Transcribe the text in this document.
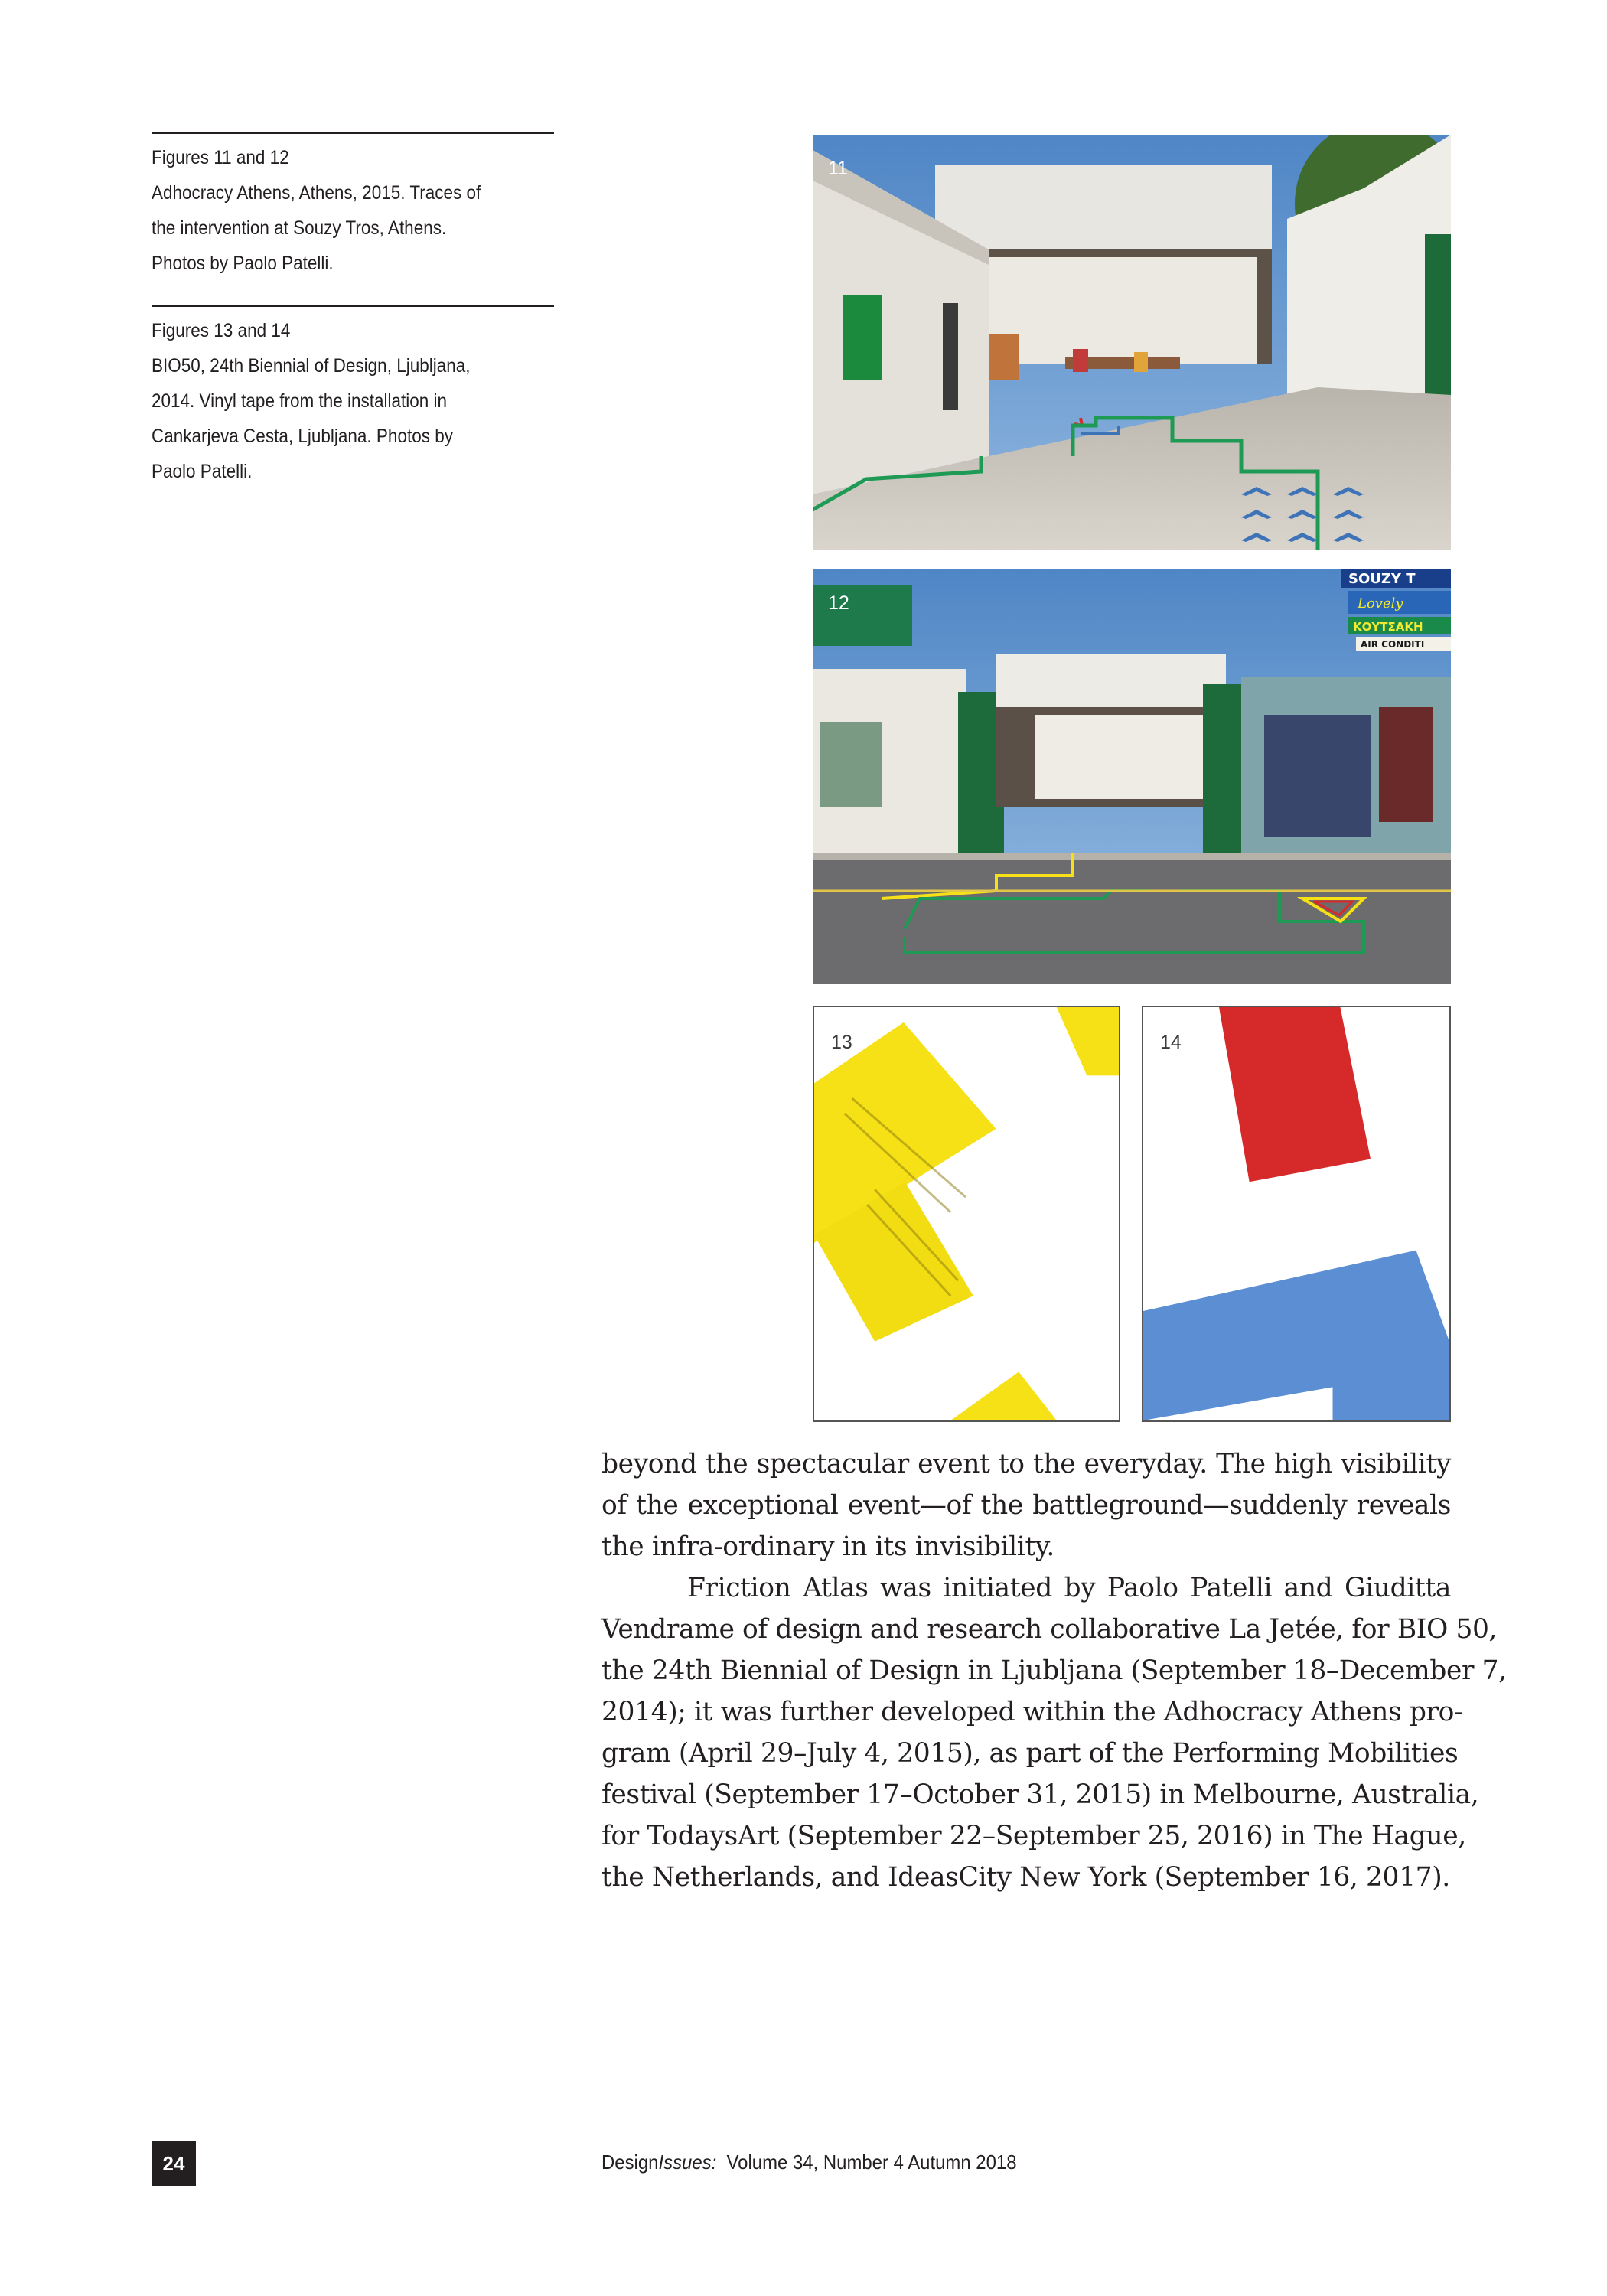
Figures 11 and 12
Adhocracy Athens, Athens, 2015. Traces of
the intervention at Souzy Tros, Athens.
Photos by Paolo Patelli.
Figures 13 and 14
BIO50, 24th Biennial of Design, Ljubljana,
2014. Vinyl tape from the installation in
Cankarjeva Cesta, Ljubljana. Photos by
Paolo Patelli.
11
SOUZY T
Lovely
ΚΟΥΤΣΑΚΗ
AIR CONDITI
12
13	14
beyond the spectacular event to the everyday. The high visibility
of the exceptional event—of the battleground—suddenly reveals
the infra-ordinary in its invisibility.
Friction Atlas was initiated by Paolo Patelli and Giuditta
Vendrame of design and research collaborative La Jetée, for BIO 50,
the 24th Biennial of Design in Ljubljana (September 18–December 7,
2014); it was further developed within the Adhocracy Athens pro-
gram (April 29–July 4, 2015), as part of the Performing Mobilities
festival (September 17–October 31, 2015) in Melbourne, Australia,
for TodaysArt (September 22–September 25, 2016) in The Hague,
the Netherlands, and IdeasCity New York (September 16, 2017).
24	DesignIssues: Volume 34, Number 4 Autumn 2018
